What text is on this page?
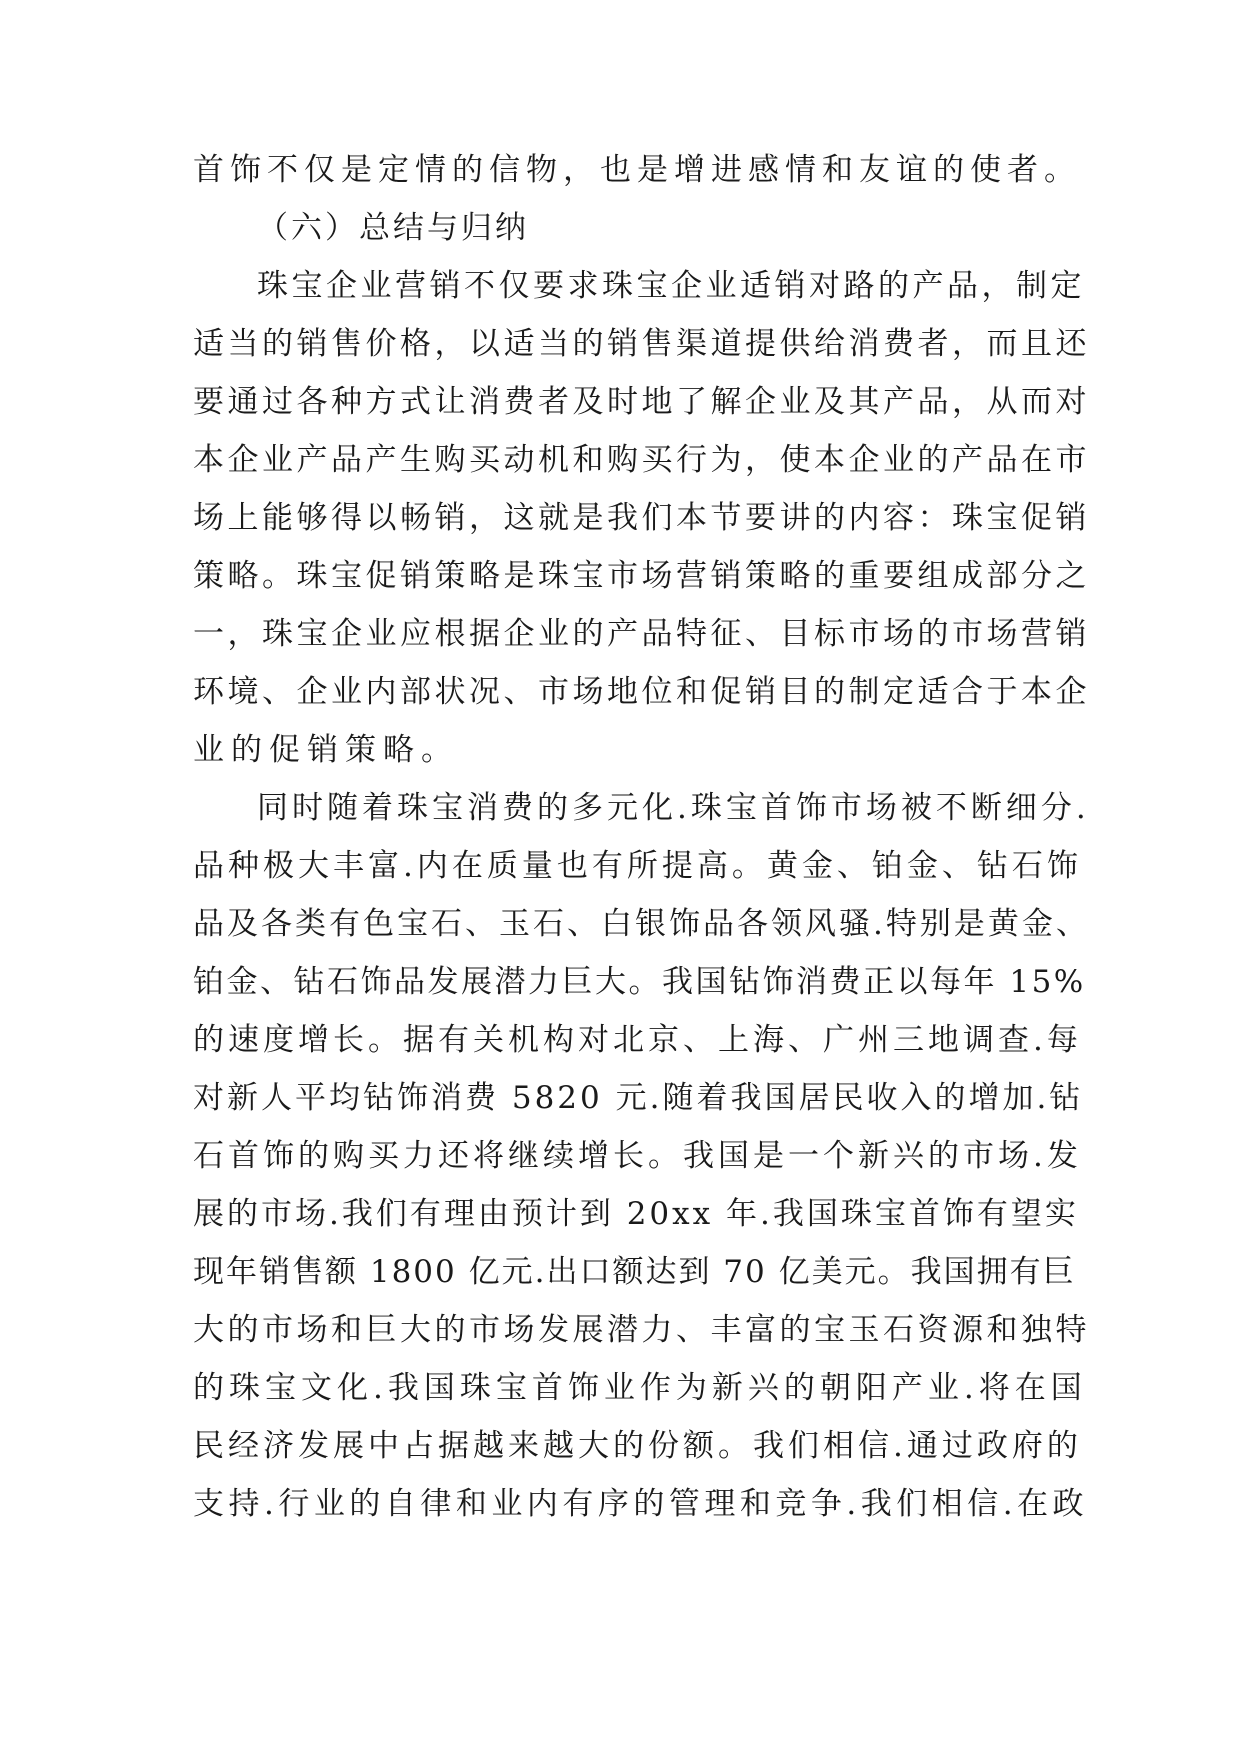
首饰不仅是定情的信物，也是增进感情和友谊的使者。
（六）总结与归纳
珠宝企业营销不仅要求珠宝企业适销对路的产品，制定
适当的销售价格，以适当的销售渠道提供给消费者，而且还
要通过各种方式让消费者及时地了解企业及其产品，从而对
本企业产品产生购买动机和购买行为，使本企业的产品在市
场上能够得以畅销，这就是我们本节要讲的内容：珠宝促销
策略。珠宝促销策略是珠宝市场营销策略的重要组成部分之
一，珠宝企业应根据企业的产品特征、目标市场的市场营销
环境、企业内部状况、市场地位和促销目的制定适合于本企
业的促销策略。
同时随着珠宝消费的多元化.珠宝首饰市场被不断细分.
品种极大丰富.内在质量也有所提高。黄金、铂金、钻石饰
品及各类有色宝石、玉石、白银饰品各领风骚.特别是黄金、
铂金、钻石饰品发展潜力巨大。我国钻饰消费正以每年 15%
的速度增长。据有关机构对北京、上海、广州三地调查.每
对新人平均钻饰消费 5820 元.随着我国居民收入的增加.钻
石首饰的购买力还将继续增长。我国是一个新兴的市场.发
展的市场.我们有理由预计到 20xx 年.我国珠宝首饰有望实
现年销售额 1800 亿元.出口额达到 70 亿美元。我国拥有巨
大的市场和巨大的市场发展潜力、丰富的宝玉石资源和独特
的珠宝文化.我国珠宝首饰业作为新兴的朝阳产业.将在国
民经济发展中占据越来越大的份额。我们相信.通过政府的
支持.行业的自律和业内有序的管理和竞争.我们相信.在政
